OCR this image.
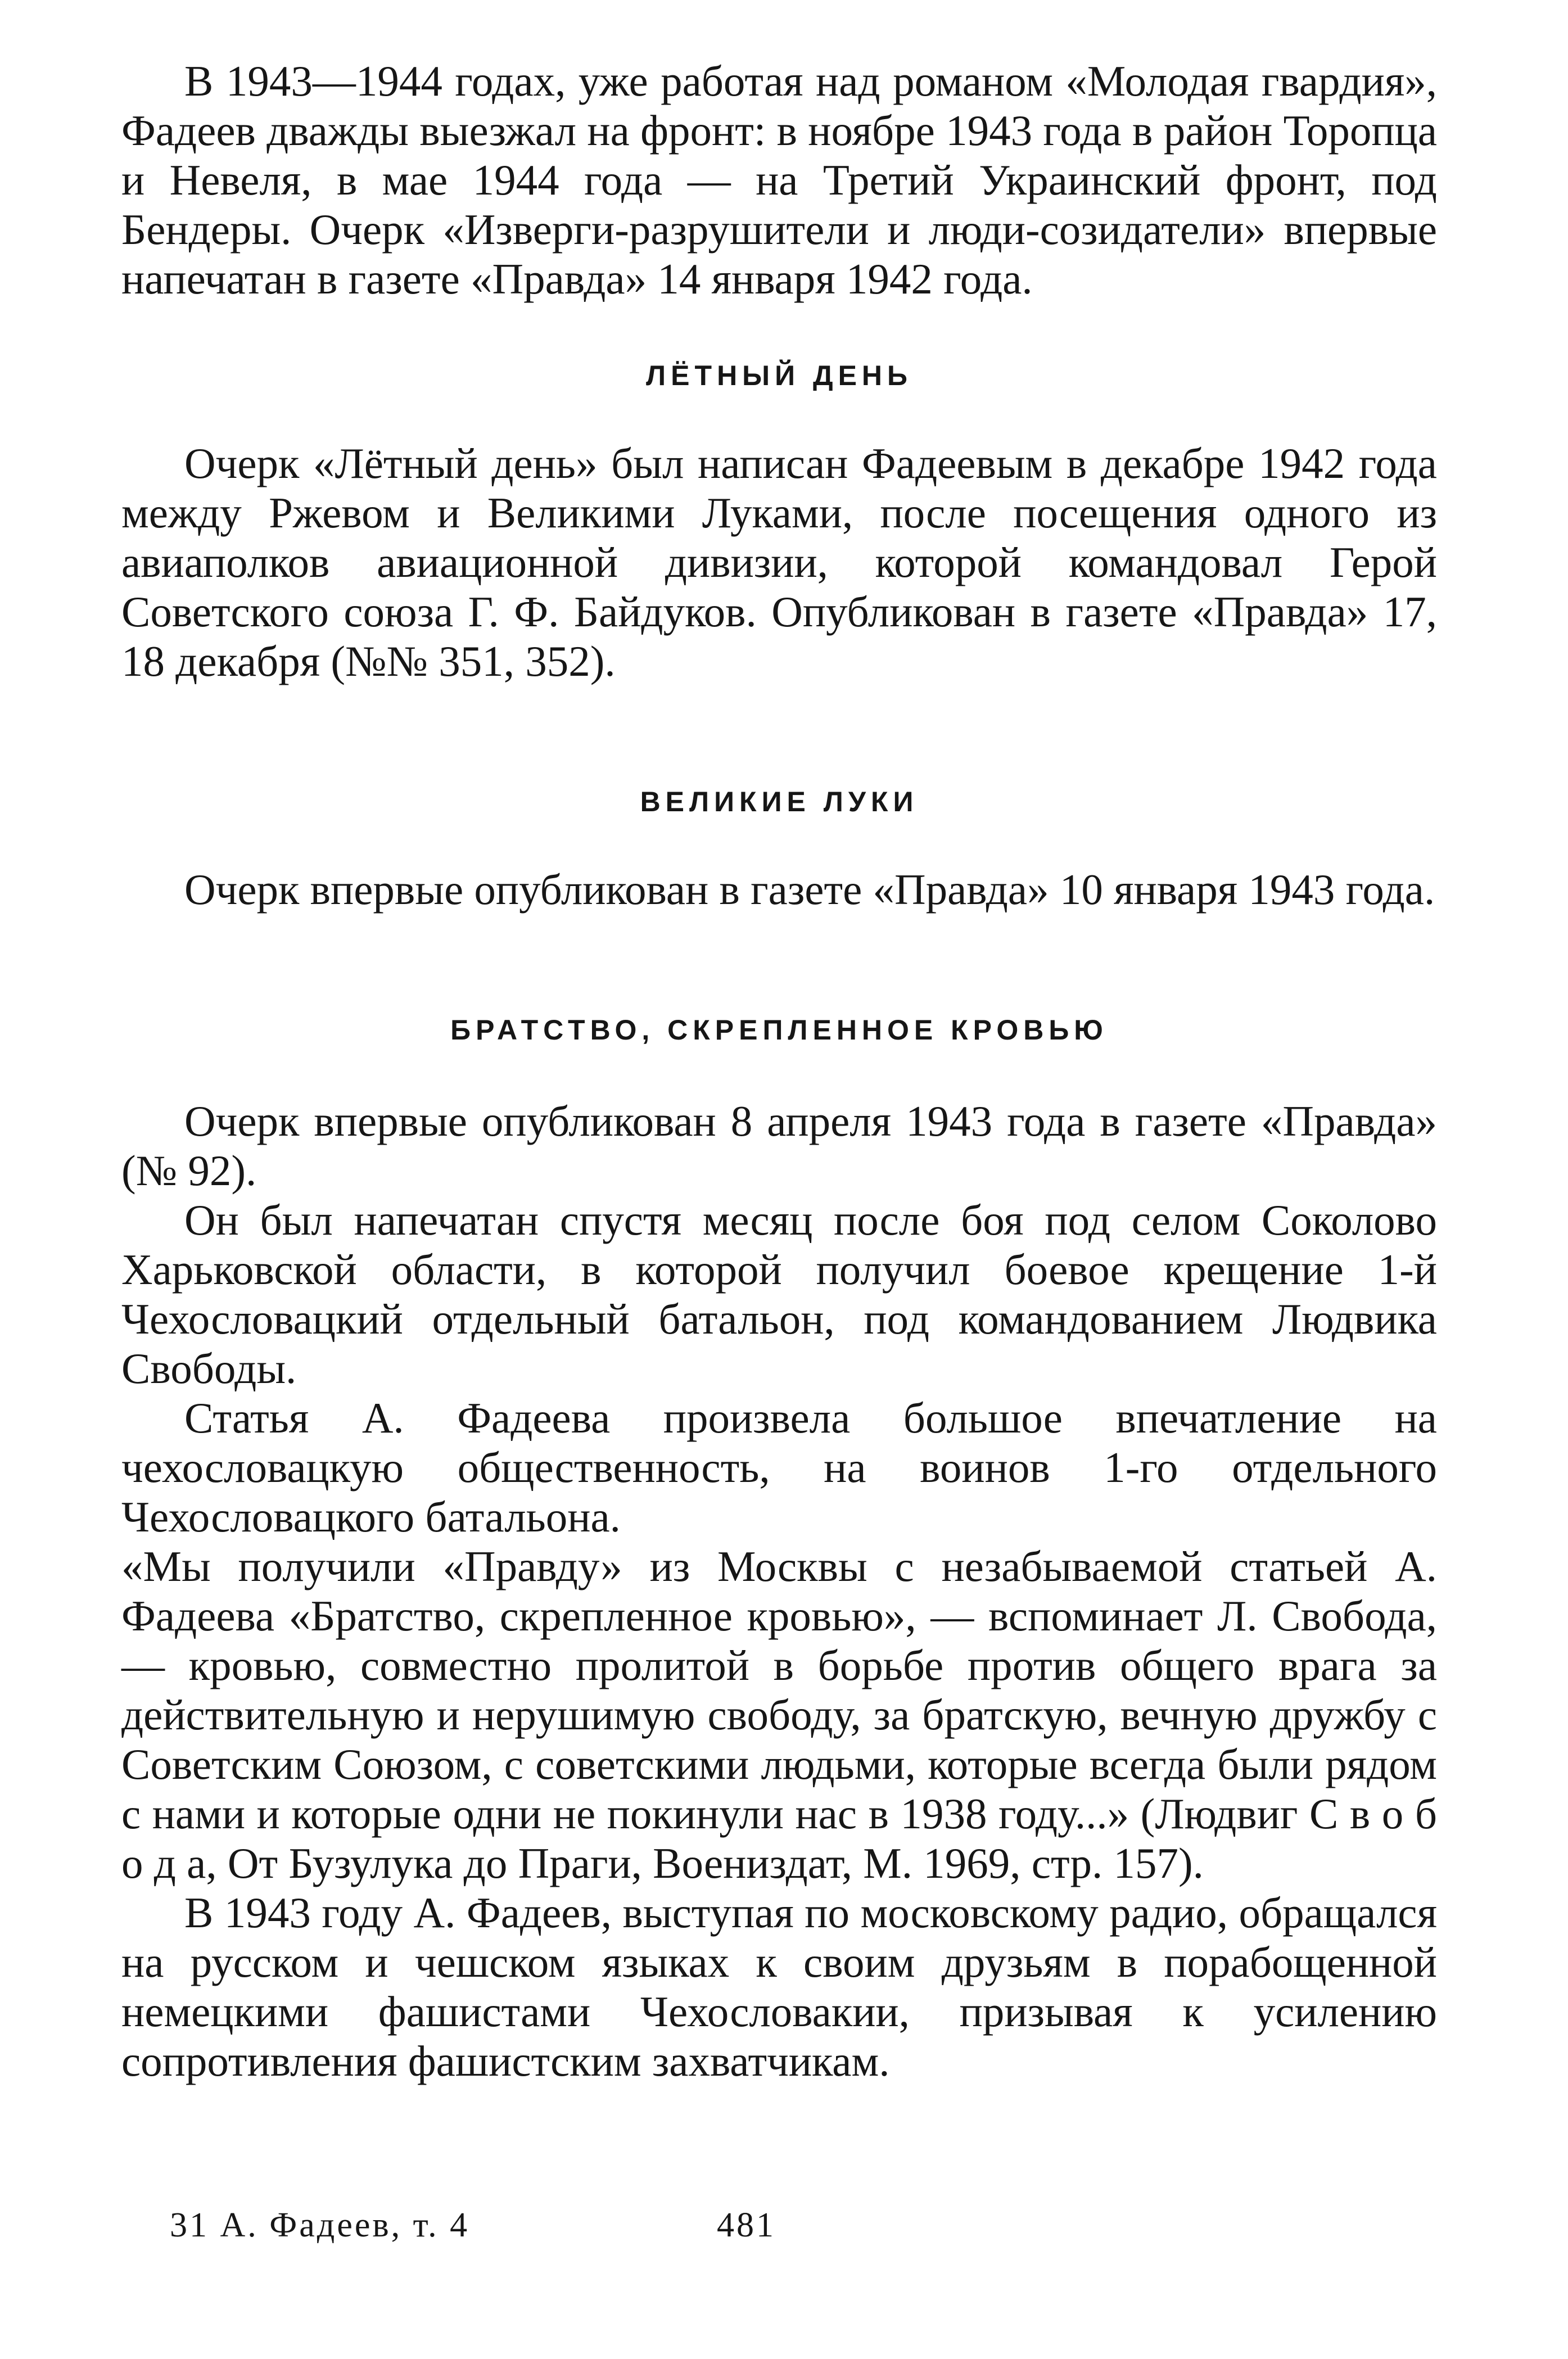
В 1943—1944 годах, уже работая над романом «Молодая гвардия», Фадеев дважды выезжал на фронт: в ноябре 1943 года в район Торопца и Невеля, в мае 1944 года — на Третий Украинский фронт, под Бендеры. Очерк «Изверги-разрушители и люди-созидатели» впервые напечатан в газете «Правда» 14 января 1942 года.

ЛЁТНЫЙ ДЕНЬ

Очерк «Лётный день» был написан Фадеевым в декабре 1942 года между Ржевом и Великими Луками, после посещения одного из авиаполков авиационной дивизии, которой командовал Герой Советского союза Г. Ф. Байдуков. Опубликован в газете «Правда» 17, 18 декабря (№№ 351, 352).

ВЕЛИКИЕ ЛУКИ

Очерк впервые опубликован в газете «Правда» 10 января 1943 года.

БРАТСТВО, СКРЕПЛЕННОЕ КРОВЬЮ

Очерк впервые опубликован 8 апреля 1943 года в газете «Правда» (№ 92).

Он был напечатан спустя месяц после боя под селом Соколово Харьковской области, в которой получил боевое крещение 1-й Чехословацкий отдельный батальон, под командованием Людвика Свободы.

Статья А. Фадеева произвела большое впечатление на чехословацкую общественность, на воинов 1-го отдельного Чехословацкого батальона.

«Мы получили «Правду» из Москвы с незабываемой статьей А. Фадеева «Братство, скрепленное кровью», — вспоминает Л. Свобода, — кровью, совместно пролитой в борьбе против общего врага за действительную и нерушимую свободу, за братскую, вечную дружбу с Советским Союзом, с советскими людьми, которые всегда были рядом с нами и которые одни не покинули нас в 1938 году...» (Людвиг С в о б о д а, От Бузулука до Праги, Воениздат, М. 1969, стр. 157).

В 1943 году А. Фадеев, выступая по московскому радио, обращался на русском и чешском языках к своим друзьям в порабощенной немецкими фашистами Чехословакии, призывая к усилению сопротивления фашистским захватчикам.

31 А. Фадеев, т. 4	481
